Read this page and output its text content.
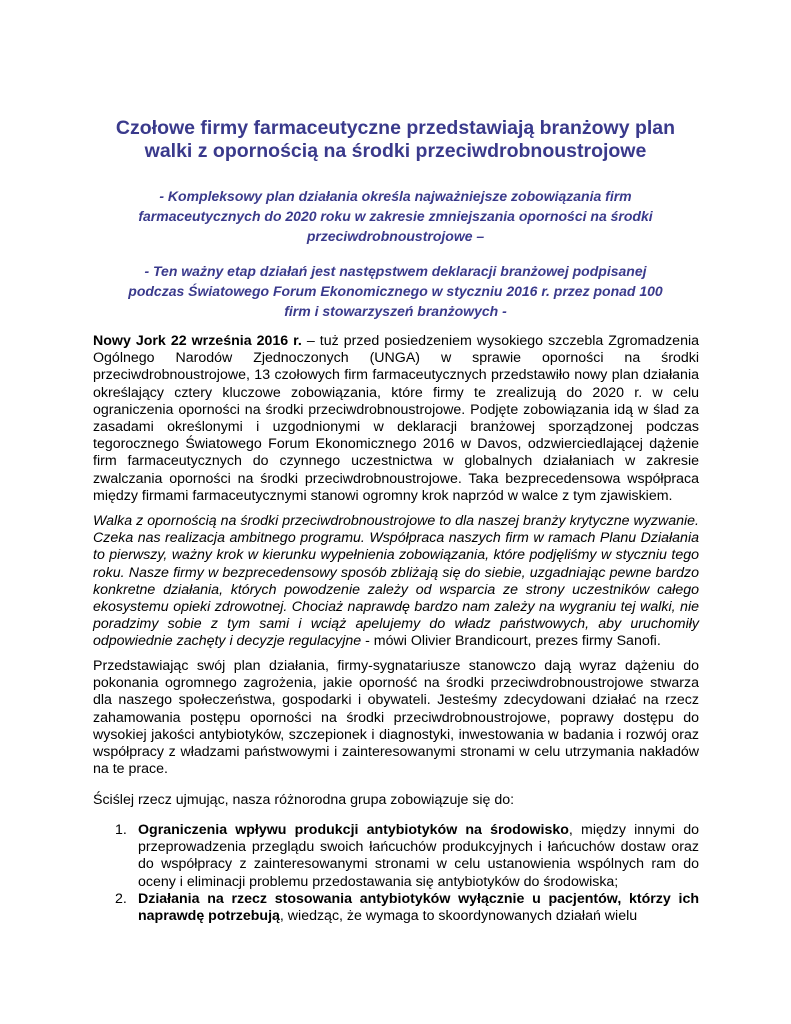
Czołowe firmy farmaceutyczne przedstawiają branżowy plan
walki z opornością na środki przeciwdrobnoustrojowe

- Kompleksowy plan działania określa najważniejsze zobowiązania firm
farmaceutycznych do 2020 roku w zakresie zmniejszania oporności na środki
przeciwdrobnoustrojowe –

- Ten ważny etap działań jest następstwem deklaracji branżowej podpisanej
podczas Światowego Forum Ekonomicznego w styczniu 2016 r. przez ponad 100
firm i stowarzyszeń branżowych -

Nowy Jork 22 września 2016 r. – tuż przed posiedzeniem wysokiego szczebla Zgromadzenia Ogólnego Narodów Zjednoczonych (UNGA) w sprawie oporności na środki przeciwdrobnoustrojowe, 13 czołowych firm farmaceutycznych przedstawiło nowy plan działania określający cztery kluczowe zobowiązania, które firmy te zrealizują do 2020 r. w celu ograniczenia oporności na środki przeciwdrobnoustrojowe. Podjęte zobowiązania idą w ślad za zasadami określonymi i uzgodnionymi w deklaracji branżowej sporządzonej podczas tegorocznego Światowego Forum Ekonomicznego 2016 w Davos, odzwierciedlającej dążenie firm farmaceutycznych do czynnego uczestnictwa w globalnych działaniach w zakresie zwalczania oporności na środki przeciwdrobnoustrojowe. Taka bezprecedensowa współpraca między firmami farmaceutycznymi stanowi ogromny krok naprzód w walce z tym zjawiskiem.

Walka z opornością na środki przeciwdrobnoustrojowe to dla naszej branży krytyczne wyzwanie. Czeka nas realizacja ambitnego programu. Współpraca naszych firm w ramach Planu Działania to pierwszy, ważny krok w kierunku wypełnienia zobowiązania, które podjęliśmy w styczniu tego roku. Nasze firmy w bezprecedensowy sposób zbliżają się do siebie, uzgadniając pewne bardzo konkretne działania, których powodzenie zależy od wsparcia ze strony uczestników całego ekosystemu opieki zdrowotnej. Chociaż naprawdę bardzo nam zależy na wygraniu tej walki, nie poradzimy sobie z tym sami i wciąż apelujemy do władz państwowych, aby uruchomiły odpowiednie zachęty i decyzje regulacyjne - mówi Olivier Brandicourt, prezes firmy Sanofi.

Przedstawiając swój plan działania, firmy-sygnatariusze stanowczo dają wyraz dążeniu do pokonania ogromnego zagrożenia, jakie oporność na środki przeciwdrobnoustrojowe stwarza dla naszego społeczeństwa, gospodarki i obywateli. Jesteśmy zdecydowani działać na rzecz zahamowania postępu oporności na środki przeciwdrobnoustrojowe, poprawy dostępu do wysokiej jakości antybiotyków, szczepionek i diagnostyki, inwestowania w badania i rozwój oraz współpracy z władzami państwowymi i zainteresowanymi stronami w celu utrzymania nakładów na te prace.

Ściślej rzecz ujmując, nasza różnorodna grupa zobowiązuje się do:

1. Ograniczenia wpływu produkcji antybiotyków na środowisko, między innymi do przeprowadzenia przeglądu swoich łańcuchów produkcyjnych i łańcuchów dostaw oraz do współpracy z zainteresowanymi stronami w celu ustanowienia wspólnych ram do oceny i eliminacji problemu przedostawania się antybiotyków do środowiska;
2. Działania na rzecz stosowania antybiotyków wyłącznie u pacjentów, którzy ich naprawdę potrzebują, wiedząc, że wymaga to skoordynowanych działań wielu
